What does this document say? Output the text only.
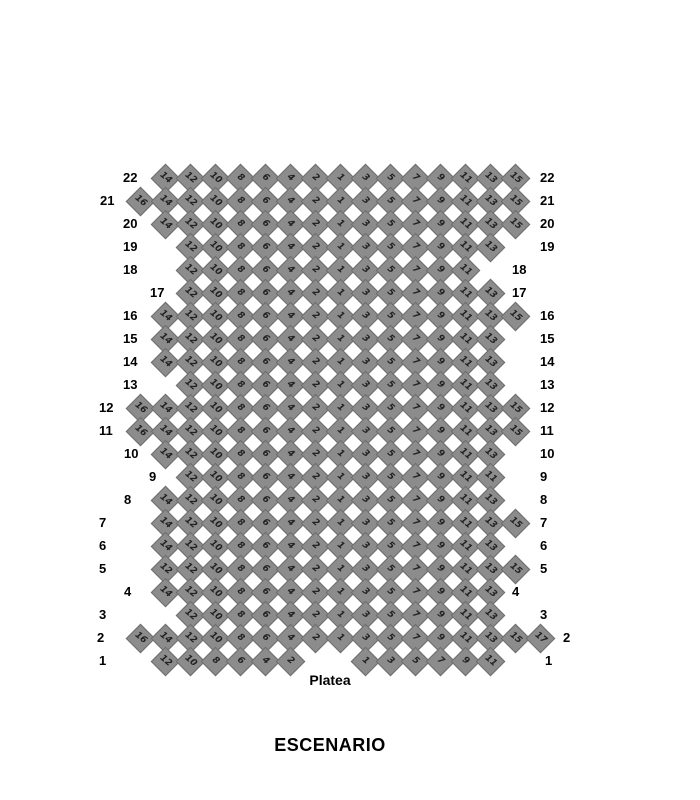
22	22
14 12 10 8 6 4 2 1 3 5 7 9 11 13 15
21	21
16 14 12 10 8 6 4 2 1 3 5 7 9 11 13 15
20	20
14 12 10 8 6 4 2 1 3 5 7 9 11 13 15
19	19
12 10 8 6 4 2 1 3 5 7 9 11 13
18	18
12 10 8 6 4 2 1 3 5 7 9 11
17	17
12 10 8 6 4 2 1 3 5 7 9 11 13
16	16
14 12 10 8 6 4 2 1 3 5 7 9 11 13 15
15	15
14 12 10 8 6 4 2 1 3 5 7 9 11 13
14	14
14 12 10 8 6 4 2 1 3 5 7 9 11 13
13	13
12 10 8 6 4 2 1 3 5 7 9 11 13
12	12
16 14 12 10 8 6 4 2 1 3 5 7 9 11 13 15
11	11
16 14 12 10 8 6 4 2 1 3 5 7 9 11 13 15
10	10
14 12 10 8 6 4 2 1 3 5 7 9 11 13
9	9
12 10 8 6 4 2 1 3 5 7 9 11 11
8	8
14 12 10 8 6 4 2 1 3 5 7 9 11 13
7	7
14 12 10 8 6 4 2 1 3 5 7 9 11 13 15
6	6
14 12 10 8 6 4 2 1 3 5 7 9 11 13
5	5
12 12 10 8 6 4 2 1 3 5 7 9 11 13 15
4	4
14 12 10 8 6 4 2 1 3 5 7 9 11 13
3	3
12 10 8 6 4 2 1 3 5 7 9 11 13
2	2
16 14 12 10 8 6 4 2 1 3 5 7 9 11 13 15 17
1	1
12 10 8 6 4 2	1 3 5 7 9 11
Platea
ESCENARIO
